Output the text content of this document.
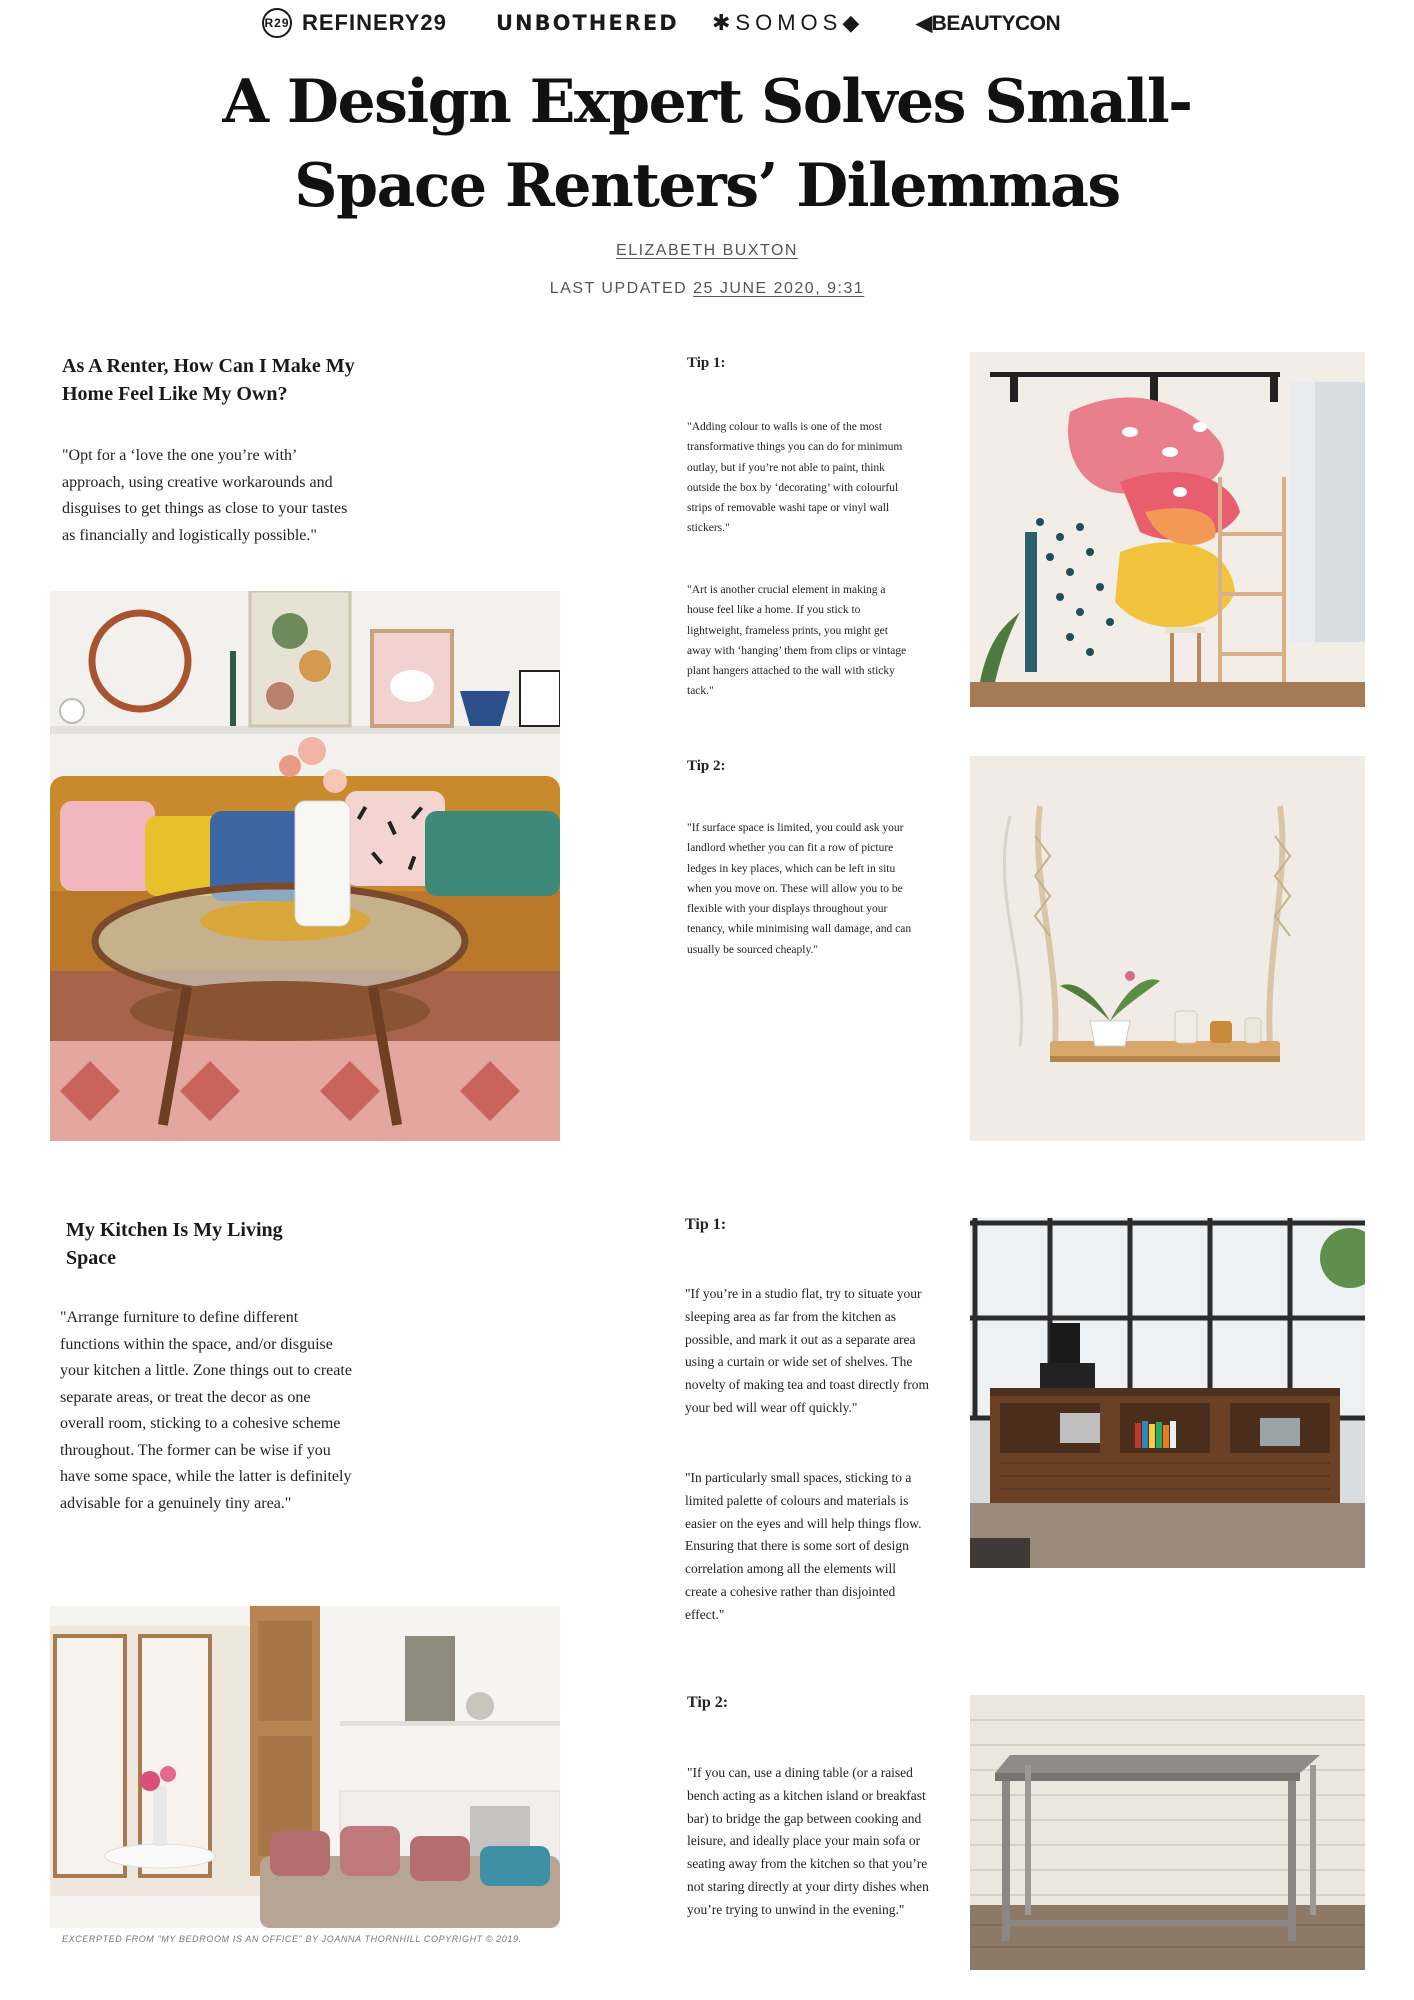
R29 REFINERY29 UNBOTHERED ✱SOMOS◆ ◀BEAUTYCON
A Design Expert Solves Small-Space Renters’ Dilemmas
ELIZABETH BUXTON
LAST UPDATED 25 JUNE 2020, 9:31
As A Renter, How Can I Make My Home Feel Like My Own?
"Opt for a ‘love the one you’re with’ approach, using creative workarounds and disguises to get things as close to your tastes as financially and logistically possible."
Tip 1:
"Adding colour to walls is one of the most transformative things you can do for minimum outlay, but if you’re not able to paint, think outside the box by ‘decorating’ with colourful strips of removable washi tape or vinyl wall stickers."
"Art is another crucial element in making a house feel like a home. If you stick to lightweight, frameless prints, you might get away with ‘hanging’ them from clips or vintage plant hangers attached to the wall with sticky tack."
Tip 2:
"If surface space is limited, you could ask your landlord whether you can fit a row of picture ledges in key places, which can be left in situ when you move on. These will allow you to be flexible with your displays throughout your tenancy, while minimising wall damage, and can usually be sourced cheaply."
My Kitchen Is My Living Space
"Arrange furniture to define different functions within the space, and/or disguise your kitchen a little. Zone things out to create separate areas, or treat the decor as one overall room, sticking to a cohesive scheme throughout. The former can be wise if you have some space, while the latter is definitely advisable for a genuinely tiny area."
EXCERPTED FROM "MY BEDROOM IS AN OFFICE" BY JOANNA THORNHILL COPYRIGHT © 2019.
Tip 1:
"If you’re in a studio flat, try to situate your sleeping area as far from the kitchen as possible, and mark it out as a separate area using a curtain or wide set of shelves. The novelty of making tea and toast directly from your bed will wear off quickly."
"In particularly small spaces, sticking to a limited palette of colours and materials is easier on the eyes and will help things flow. Ensuring that there is some sort of design correlation among all the elements will create a cohesive rather than disjointed effect."
Tip 2:
"If you can, use a dining table (or a raised bench acting as a kitchen island or breakfast bar) to bridge the gap between cooking and leisure, and ideally place your main sofa or seating away from the kitchen so that you’re not staring directly at your dirty dishes when you’re trying to unwind in the evening."
